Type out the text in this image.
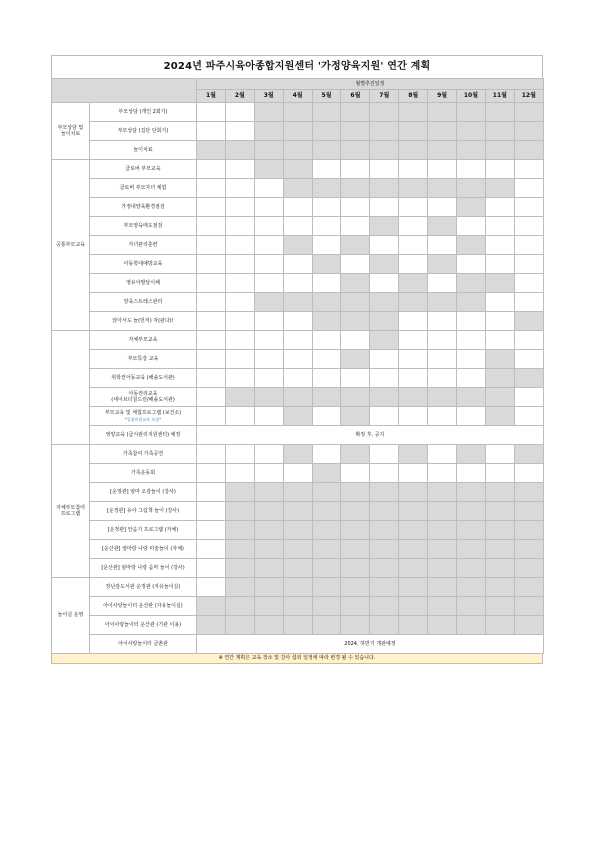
2024년 파주시육아종합지원센터 '가정양육지원' 연간 계획
		월별추진일정											
		1월	2월	3월	4월	5월	6월	7월	8월	9월	10월	11월	12월
부모상담 및
놀이치료	부모상담 (개인 2회기)												
	부모상담 (집단 단회기)												
	놀이치료												
공통부모교육	클로버 부모교육												
	클로버 부모자녀 체험												
	가정내양육환경점검												
	부모양육태도점검												
	자녀관리훈련												
	아동학대예방교육												
	영유아발달이해												
	양육스트레스관리												
	앉아서도 놀(먼저) 자(판다)!												
	자체부모교육												
	부모특강 교육												
	취학전아동교육 (해솔도서관)												
	아동권리교육
(세이브더칠드런/해솔도서관)												
	부모교육 및 체험프로그램 (보건소)
*일정미런교육 포함*												

	영양교육 (급식관리지원센터) 예정	확정 후, 공지											
자체부모참여
프로그램	가족참여 가족공연												
	가족운동회												
	[운정관] 엄마 오감놀이 (강사)												
	[운정관] 유아 그림책 놀이 (강사)												
	[운정관] 안음기 프로그램 (자체)												
	[운산관] 엄마랑 나랑 미술놀이 (자체)												
	[운산관] 엄마랑 나랑 음악 놀이 (강사)												
놀이실 운영	장난감도서관 운정관 (자유놀이실)												
	아이사랑놀이터 운산관 (자유놀이실)												
	아이사랑놀이터 운산관 (기관 이용)												
	아이사랑놀이터 금촌관	2024. 하반기 개관예정											
※ 연간 계획은 교육 장소 및 강사 섭외 일정에 따라 변경 될 수 있습니다.
